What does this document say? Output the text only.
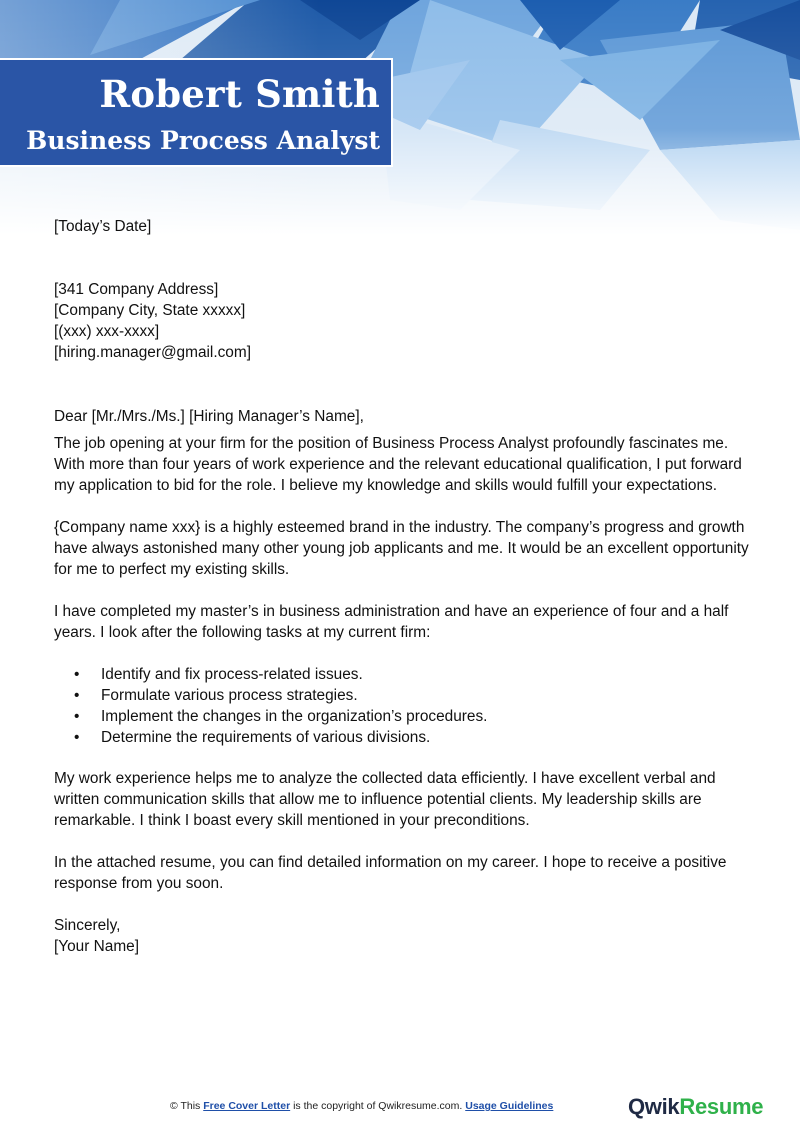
Robert Smith
Business Process Analyst

[Today’s Date]

[341 Company Address]

[Company City, State xxxxx]

[(xxx) xxx-xxxx]

[hiring.manager@gmail.com]

Dear [Mr./Mrs./Ms.] [Hiring Manager’s Name],

The job opening at your firm for the position of Business Process Analyst profoundly fascinates me. With more than four years of work experience and the relevant educational qualification, I put forward my application to bid for the role. I believe my knowledge and skills would fulfill your expectations.

{Company name xxx} is a highly esteemed brand in the industry. The company’s progress and growth have always astonished many other young job applicants and me. It would be an excellent opportunity for me to perfect my existing skills.

I have completed my master’s in business administration and have an experience of four and a half years. I look after the following tasks at my current firm:

• Identify and fix process-related issues.
• Formulate various process strategies.
• Implement the changes in the organization’s procedures.
• Determine the requirements of various divisions.

My work experience helps me to analyze the collected data efficiently. I have excellent verbal and written communication skills that allow me to influence potential clients. My leadership skills are remarkable. I think I boast every skill mentioned in your preconditions.

In the attached resume, you can find detailed information on my career. I hope to receive a positive response from you soon.

Sincerely,

[Your Name]

© This Free Cover Letter is the copyright of Qwikresume.com. Usage Guidelines	QwikResume
